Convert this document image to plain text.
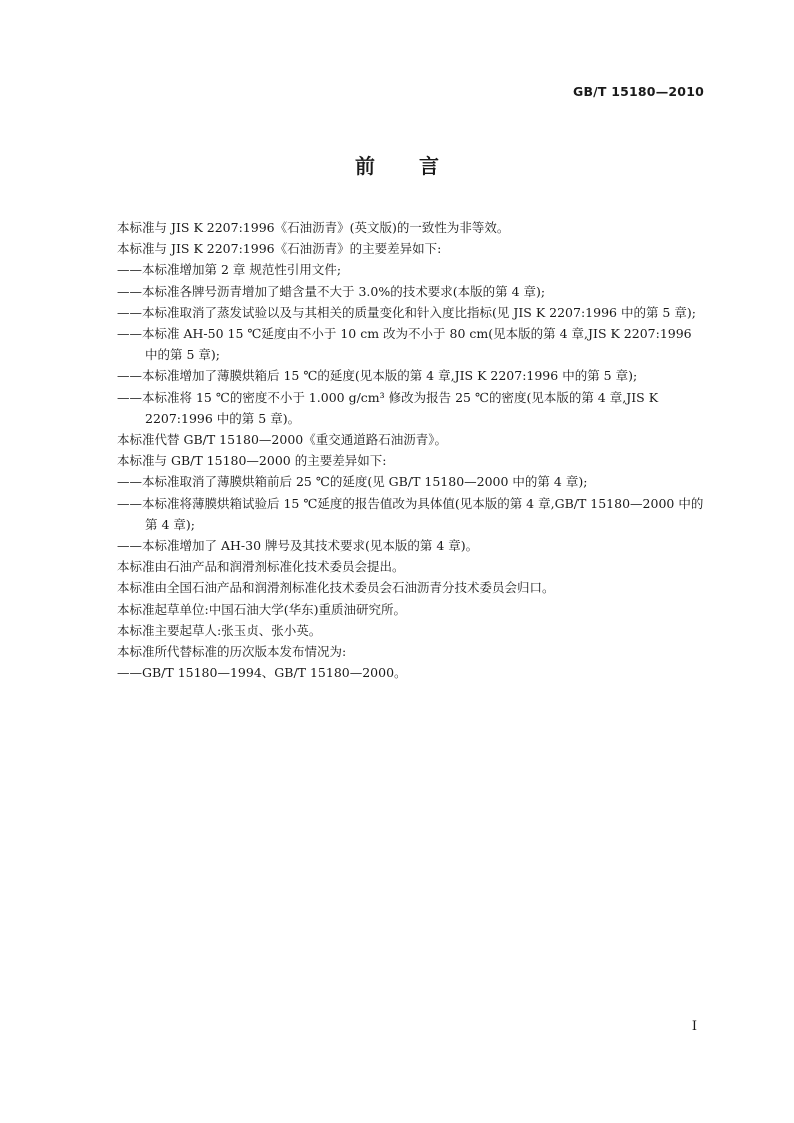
GB/T 15180—2010
前 言

本标准与 JIS K 2207:1996《石油沥青》(英文版)的一致性为非等效。

本标准与 JIS K 2207:1996《石油沥青》的主要差异如下:

——本标准增加第 2 章 规范性引用文件;

——本标准各牌号沥青增加了蜡含量不大于 3.0%的技术要求(本版的第 4 章);

——本标准取消了蒸发试验以及与其相关的质量变化和针入度比指标(见 JIS K 2207:1996 中的第 5 章);

——本标准 AH-50 15 ℃延度由不小于 10 cm 改为不小于 80 cm(见本版的第 4 章,JIS K 2207:1996 中的第 5 章);

——本标准增加了薄膜烘箱后 15 ℃的延度(见本版的第 4 章,JIS K 2207:1996 中的第 5 章);

——本标准将 15 ℃的密度不小于 1.000 g/cm³ 修改为报告 25 ℃的密度(见本版的第 4 章,JIS K 2207:1996 中的第 5 章)。

本标准代替 GB/T 15180—2000《重交通道路石油沥青》。

本标准与 GB/T 15180—2000 的主要差异如下:

——本标准取消了薄膜烘箱前后 25 ℃的延度(见 GB/T 15180—2000 中的第 4 章);

——本标准将薄膜烘箱试验后 15 ℃延度的报告值改为具体值(见本版的第 4 章,GB/T 15180—2000 中的第 4 章);

——本标准增加了 AH-30 牌号及其技术要求(见本版的第 4 章)。

本标准由石油产品和润滑剂标准化技术委员会提出。

本标准由全国石油产品和润滑剂标准化技术委员会石油沥青分技术委员会归口。

本标准起草单位:中国石油大学(华东)重质油研究所。

本标准主要起草人:张玉贞、张小英。

本标准所代替标准的历次版本发布情况为:

——GB/T 15180—1994、GB/T 15180—2000。

I
